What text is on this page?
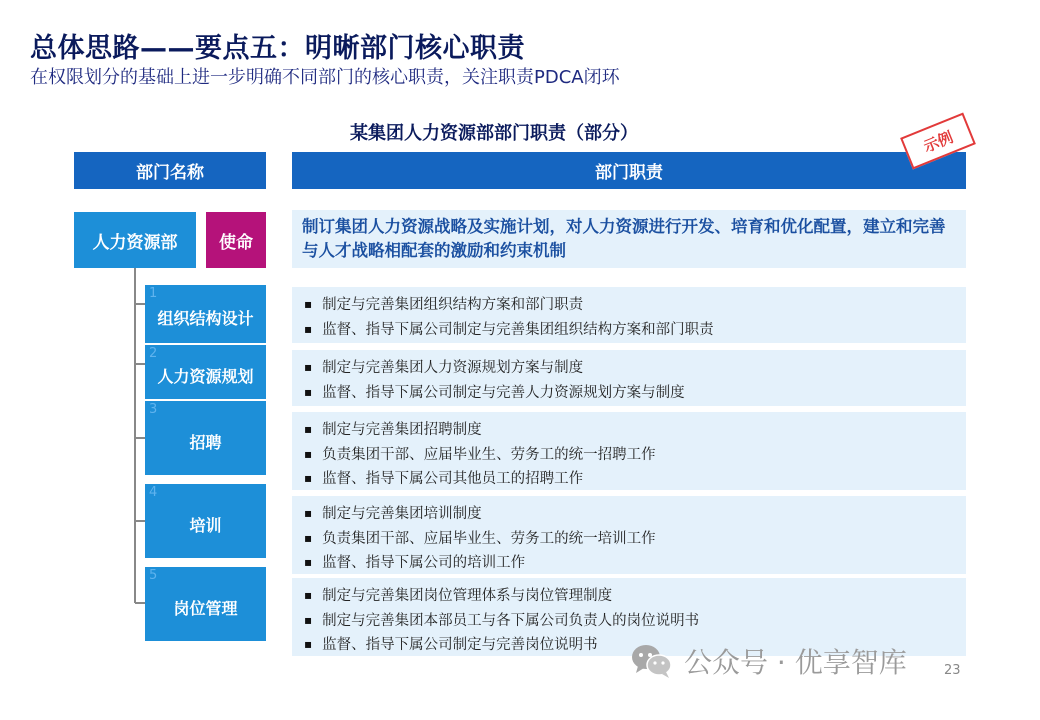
总体思路——要点五：明晰部门核心职责
在权限划分的基础上进一步明确不同部门的核心职责，关注职责PDCA闭环
某集团人力资源部部门职责（部分）
部门名称	部门职责
示例
人力资源部	使命
制订集团人力资源战略及实施计划，对人力资源进行开发、培育和优化配置，建立和完善与人才战略相配套的激励和约束机制
1
组织结构设计
▪ 制定与完善集团组织结构方案和部门职责
▪ 监督、指导下属公司制定与完善集团组织结构方案和部门职责
2
人力资源规划
▪	制定与完善集团人力资源规划方案与制度
▪ 监督、指导下属公司制定与完善人力资源规划方案与制度
3
招聘
▪ 制定与完善集团招聘制度
▪ 负责集团干部、应届毕业生、劳务工的统一招聘工作
▪ 监督、指导下属公司其他员工的招聘工作
4
培训
▪ 制定与完善集团培训制度
▪ 负责集团干部、应届毕业生、劳务工的统一培训工作
▪ 监督、指导下属公司的培训工作
5
岗位管理
▪ 制定与完善集团岗位管理体系与岗位管理制度
▪ 制定与完善集团本部员工与各下属公司负责人的岗位说明书
▪ 监督、指导下属公司制定与完善岗位说明书
公众号 · 优享智库	23
